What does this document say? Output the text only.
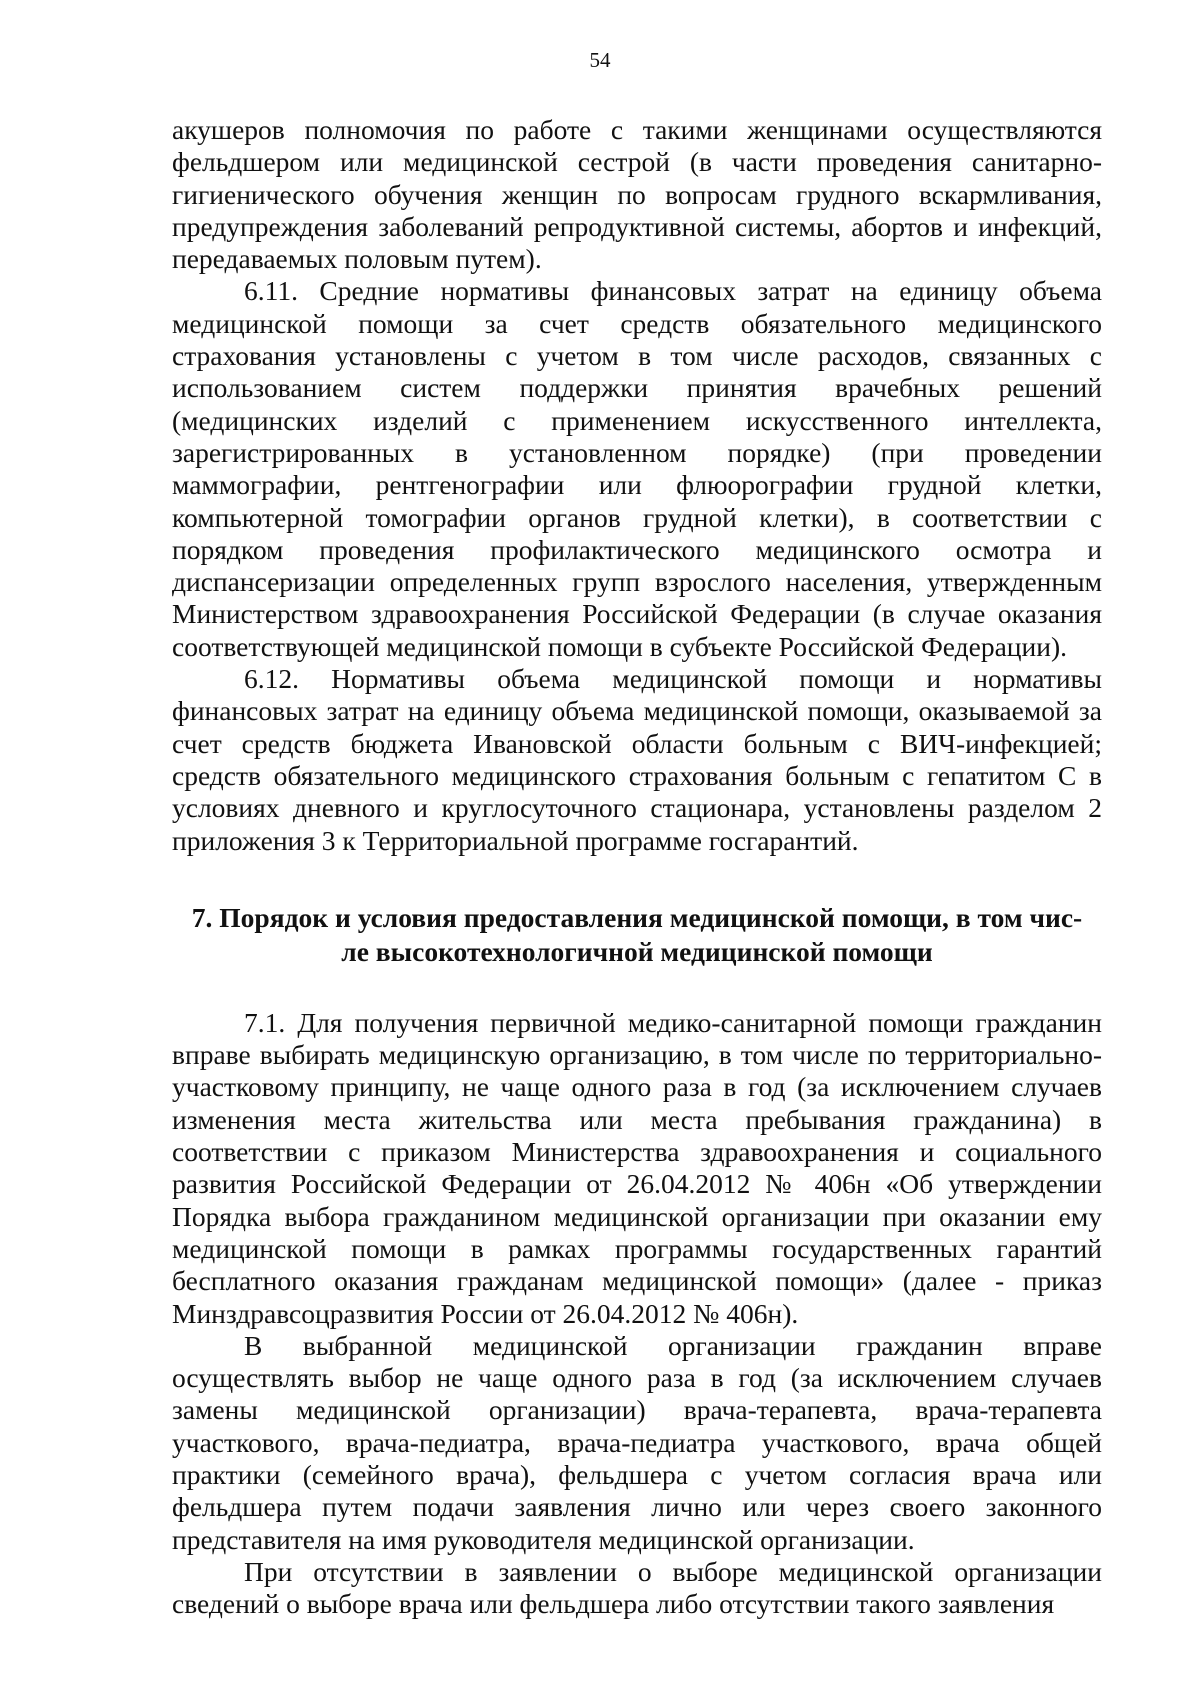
54

акушеров полномочия по работе с такими женщинами осуществляются фельдшером или медицинской сестрой (в части проведения санитарно-гигиенического обучения женщин по вопросам грудного вскармливания, предупреждения заболеваний репродуктивной системы, абортов и инфекций, передаваемых половым путем).

6.11. Средние нормативы финансовых затрат на единицу объема медицинской помощи за счет средств обязательного медицинского страхования установлены с учетом в том числе расходов, связанных с использованием систем поддержки принятия врачебных решений (медицинских изделий с применением искусственного интеллекта, зарегистрированных в установленном порядке) (при проведении маммографии, рентгенографии или флюорографии грудной клетки, компьютерной томографии органов грудной клетки), в соответствии с порядком проведения профилактического медицинского осмотра и диспансеризации определенных групп взрослого населения, утвержденным Министерством здравоохранения Российской Федерации (в случае оказания соответствующей медицинской помощи в субъекте Российской Федерации).

6.12. Нормативы объема медицинской помощи и нормативы финансовых затрат на единицу объема медицинской помощи, оказываемой за счет средств бюджета Ивановской области больным с ВИЧ-инфекцией; средств обязательного медицинского страхования больным с гепатитом С в условиях дневного и круглосуточного стационара, установлены разделом 2 приложения 3 к Территориальной программе госгарантий.

7. Порядок и условия предоставления медицинской помощи, в том чис-
ле высокотехнологичной медицинской помощи

7.1. Для получения первичной медико-санитарной помощи гражданин вправе выбирать медицинскую организацию, в том числе по территориально-участковому принципу, не чаще одного раза в год (за исключением случаев изменения места жительства или места пребывания гражданина) в соответствии с приказом Министерства здравоохранения и социального развития Российской Федерации от 26.04.2012 № 406н «Об утверждении Порядка выбора гражданином медицинской организации при оказании ему медицинской помощи в рамках программы государственных гарантий бесплатного оказания гражданам медицинской помощи» (далее - приказ Минздравсоцразвития России от 26.04.2012 № 406н).

В выбранной медицинской организации гражданин вправе осуществлять выбор не чаще одного раза в год (за исключением случаев замены медицинской организации) врача-терапевта, врача-терапевта участкового, врача-педиатра, врача-педиатра участкового, врача общей практики (семейного врача), фельдшера с учетом согласия врача или фельдшера путем подачи заявления лично или через своего законного представителя на имя руководителя медицинской организации.

При отсутствии в заявлении о выборе медицинской организации сведений о выборе врача или фельдшера либо отсутствии такого заявления
